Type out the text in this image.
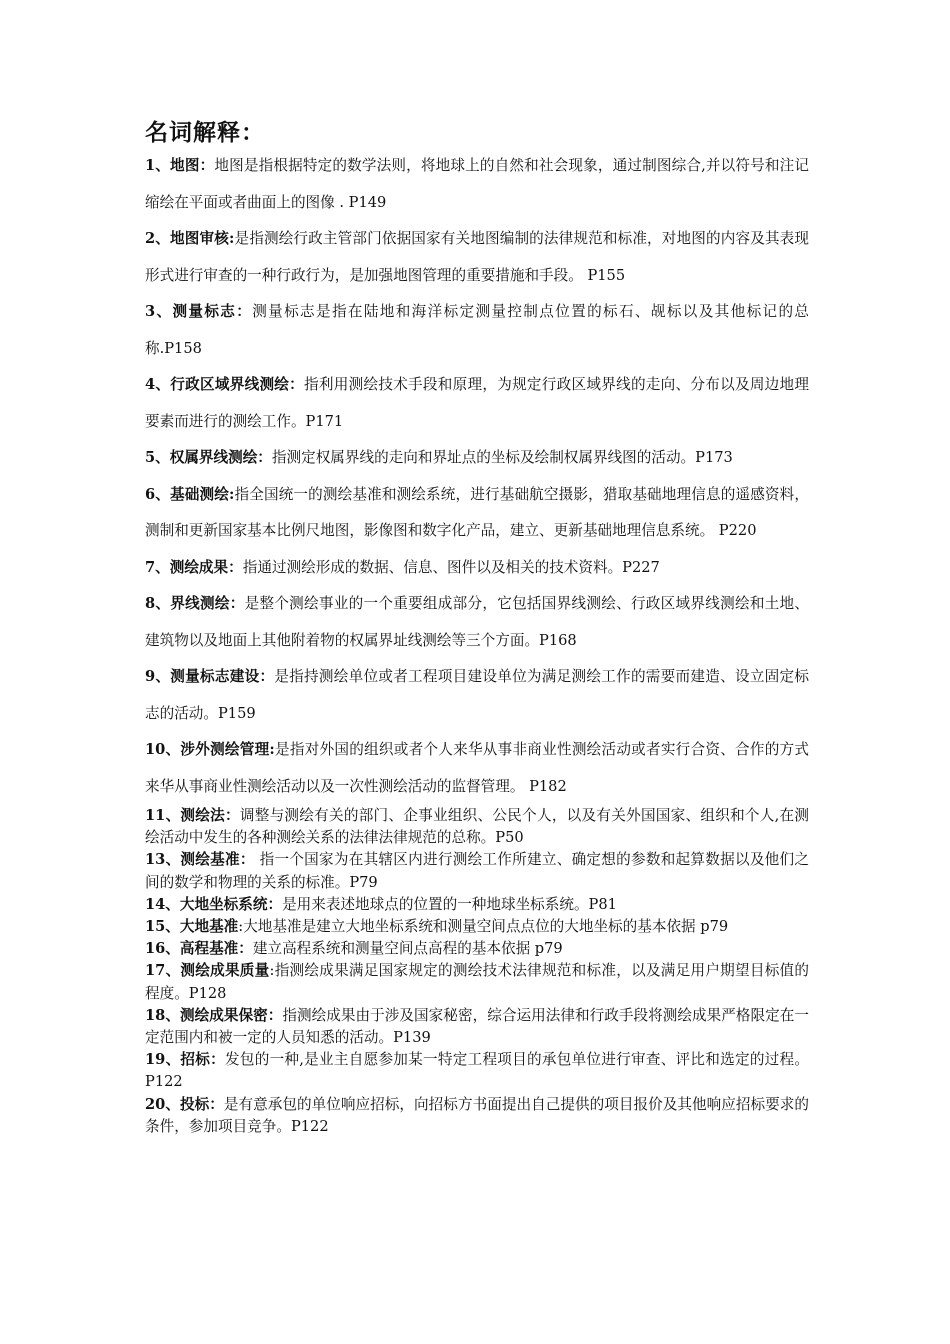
名词解释：
1、地图：地图是指根据特定的数学法则，将地球上的自然和社会现象，通过制图综合,并以符号和注记缩绘在平面或者曲面上的图像 . P149
2、地图审核:是指测绘行政主管部门依据国家有关地图编制的法律规范和标准，对地图的内容及其表现形式进行审查的一种行政行为，是加强地图管理的重要措施和手段。 P155
3、测量标志：测量标志是指在陆地和海洋标定测量控制点位置的标石、觇标以及其他标记的总称.P158
4、行政区域界线测绘：指利用测绘技术手段和原理，为规定行政区域界线的走向、分布以及周边地理要素而进行的测绘工作。P171
5、权属界线测绘：指测定权属界线的走向和界址点的坐标及绘制权属界线图的活动。P173
6、基础测绘:指全国统一的测绘基准和测绘系统，进行基础航空摄影，猎取基础地理信息的遥感资料，测制和更新国家基本比例尺地图，影像图和数字化产品，建立、更新基础地理信息系统。 P220
7、测绘成果：指通过测绘形成的数据、信息、图件以及相关的技术资料。P227
8、界线测绘：是整个测绘事业的一个重要组成部分，它包括国界线测绘、行政区域界线测绘和土地、建筑物以及地面上其他附着物的权属界址线测绘等三个方面。P168
9、测量标志建设：是指持测绘单位或者工程项目建设单位为满足测绘工作的需要而建造、设立固定标志的活动。P159
10、涉外测绘管理:是指对外国的组织或者个人来华从事非商业性测绘活动或者实行合资、合作的方式来华从事商业性测绘活动以及一次性测绘活动的监督管理。 P182
11、测绘法：调整与测绘有关的部门、企事业组织、公民个人，以及有关外国国家、组织和个人,在测绘活动中发生的各种测绘关系的法律法律规范的总称。P50
13、测绘基准： 指一个国家为在其辖区内进行测绘工作所建立、确定想的参数和起算数据以及他们之间的数学和物理的关系的标准。P79
14、大地坐标系统：是用来表述地球点的位置的一种地球坐标系统。P81
15、大地基准:大地基准是建立大地坐标系统和测量空间点点位的大地坐标的基本依据 p79
16、高程基准：建立高程系统和测量空间点高程的基本依据 p79
17、测绘成果质量:指测绘成果满足国家规定的测绘技术法律规范和标准，以及满足用户期望目标值的程度。P128
18、测绘成果保密：指测绘成果由于涉及国家秘密，综合运用法律和行政手段将测绘成果严格限定在一定范围内和被一定的人员知悉的活动。P139
19、招标：发包的一种,是业主自愿参加某一特定工程项目的承包单位进行审查、评比和选定的过程。P122
20、投标：是有意承包的单位响应招标，向招标方书面提出自己提供的项目报价及其他响应招标要求的条件，参加项目竞争。P122
